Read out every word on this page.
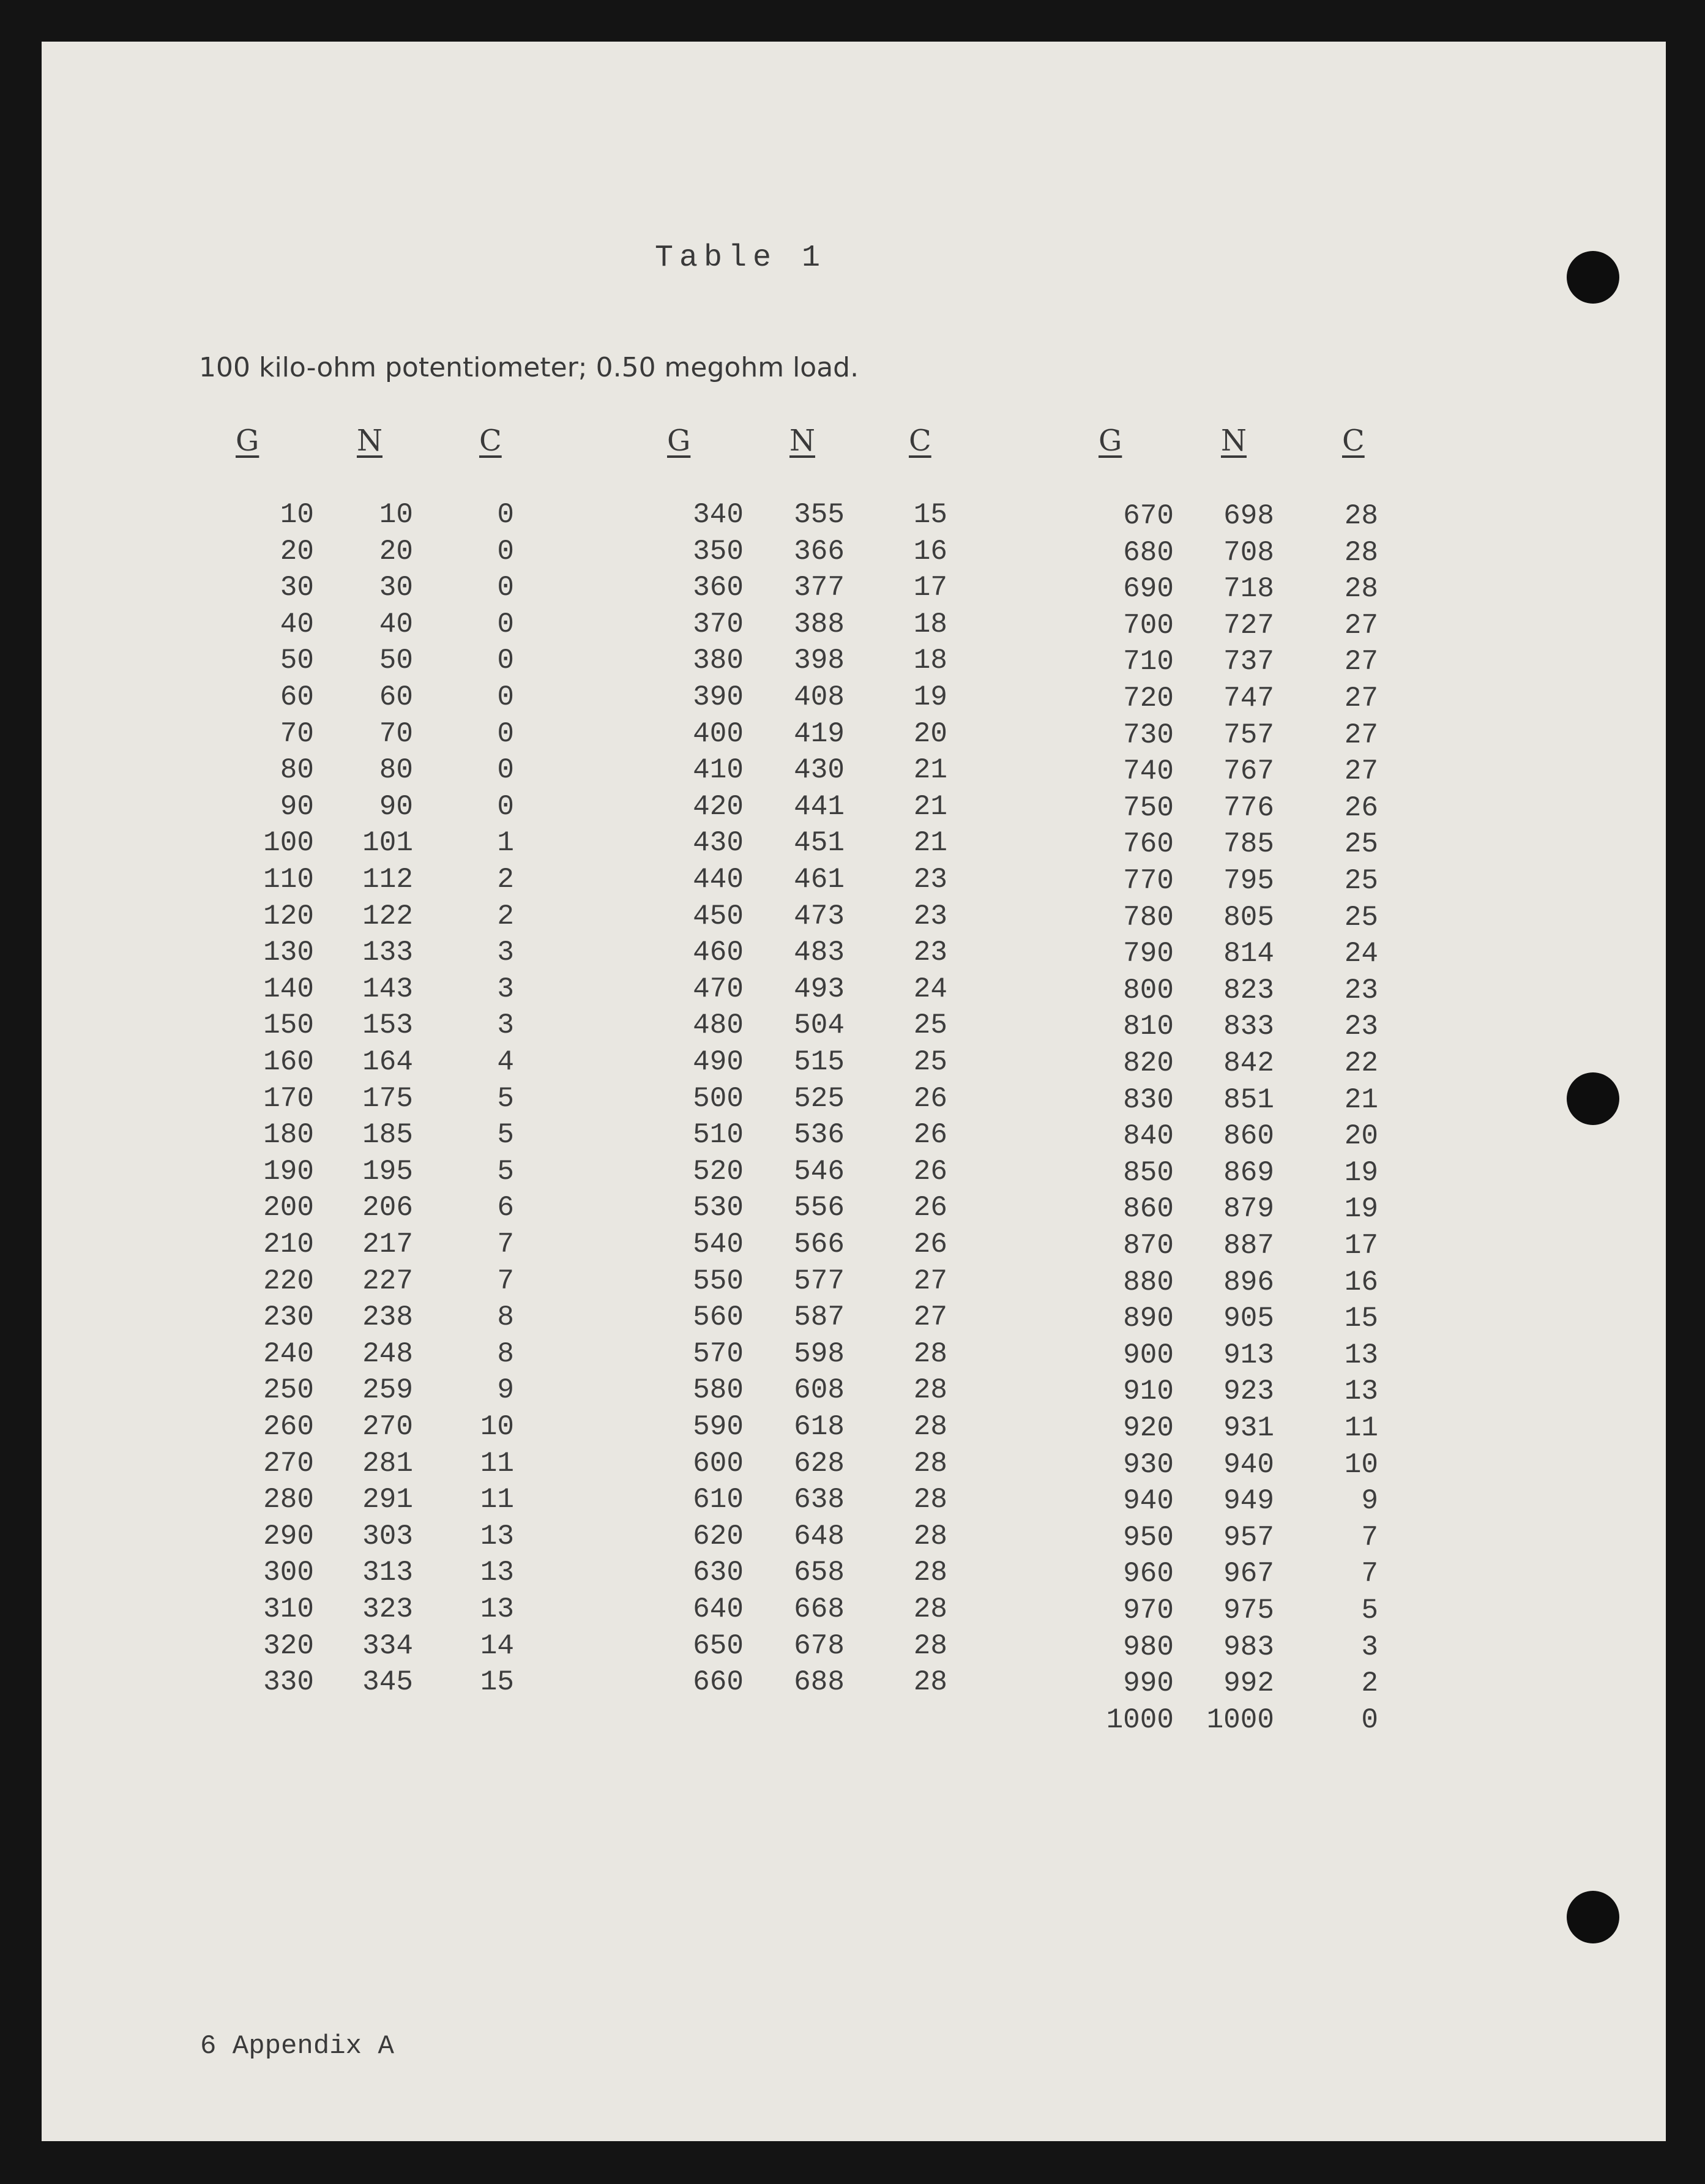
Table 1
100 kilo-ohm potentiometer; 0.50 megohm load.
G	N	C
10	10	0
20	20	0
30	30	0
40	40	0
50	50	0
60	60	0
70	70	0
80	80	0
90	90	0
100	101	1
110	112	2
120	122	2
130	133	3
140	143	3
150	153	3
160	164	4
170	175	5
180	185	5
190	195	5
200	206	6
210	217	7
220	227	7
230	238	8
240	248	8
250	259	9
260	270	10
270	281	11
280	291	11
290	303	13
300	313	13
310	323	13
320	334	14
330	345	15
G	N	C
340	355	15
350	366	16
360	377	17
370	388	18
380	398	18
390	408	19
400	419	20
410	430	21
420	441	21
430	451	21
440	461	23
450	473	23
460	483	23
470	493	24
480	504	25
490	515	25
500	525	26
510	536	26
520	546	26
530	556	26
540	566	26
550	577	27
560	587	27
570	598	28
580	608	28
590	618	28
600	628	28
610	638	28
620	648	28
630	658	28
640	668	28
650	678	28
660	688	28
G	N	C
670	698	28
680	708	28
690	718	28
700	727	27
710	737	27
720	747	27
730	757	27
740	767	27
750	776	26
760	785	25
770	795	25
780	805	25
790	814	24
800	823	23
810	833	23
820	842	22
830	851	21
840	860	20
850	869	19
860	879	19
870	887	17
880	896	16
890	905	15
900	913	13
910	923	13
920	931	11
930	940	10
940	949	9
950	957	7
960	967	7
970	975	5
980	983	3
990	992	2
1000	1000	0
6 Appendix A
